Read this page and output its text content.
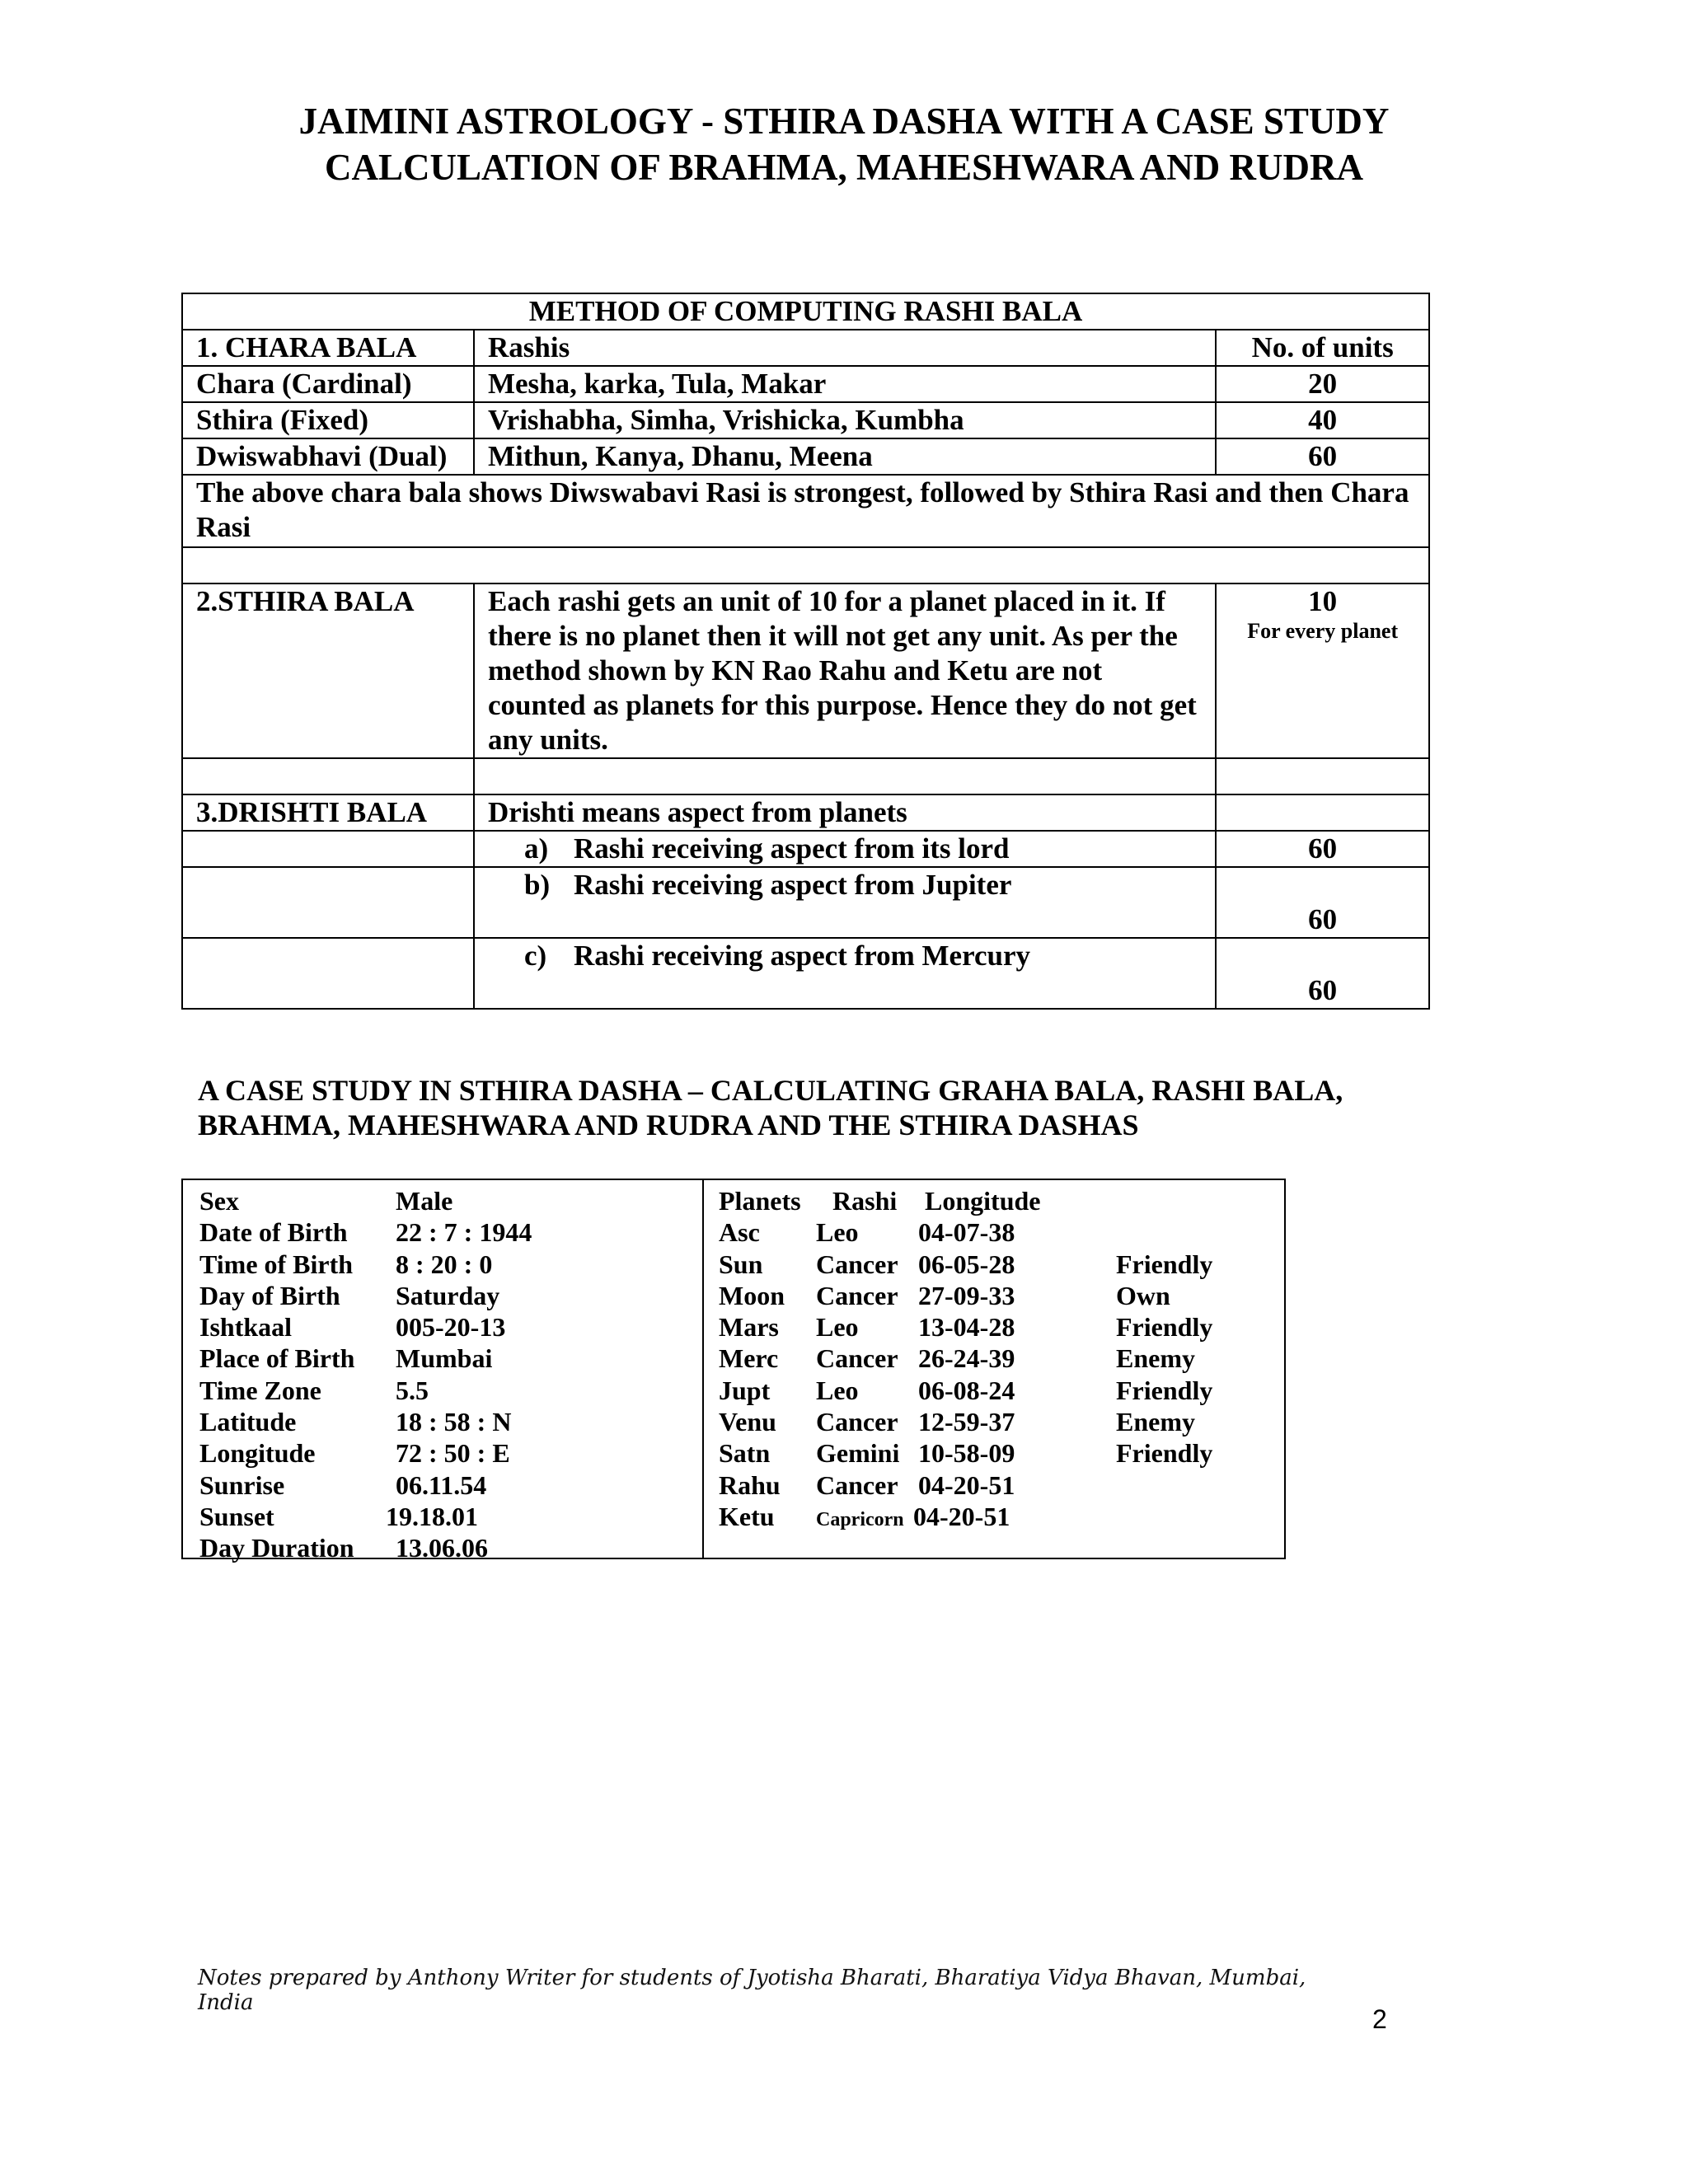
JAIMINI ASTROLOGY - STHIRA DASHA WITH A CASE STUDY
CALCULATION OF BRAHMA, MAHESHWARA AND RUDRA
METHOD OF COMPUTING RASHI BALA		
1. CHARA BALA	Rashis	No. of units
Chara (Cardinal)	Mesha, karka, Tula, Makar	20
Sthira (Fixed)	Vrishabha, Simha, Vrishicka, Kumbha	40
Dwiswabhavi (Dual)	Mithun, Kanya, Dhanu, Meena	60
The above chara bala shows Diwswabavi Rasi is strongest, followed by Sthira Rasi and then Chara Rasi		

2.STHIRA BALA	Each rashi gets an unit of 10 for a planet placed in it. If there is no planet then it will not get any unit. As per the method shown by KN Rao Rahu and Ketu are not counted as planets for this purpose. Hence they do not get any units.	10
For every planet

3.DRISHTI BALA	Drishti means aspect from planets	
	a) Rashi receiving aspect from its lord	60
	b) Rashi receiving aspect from Jupiter	60
	c) Rashi receiving aspect from Mercury	60
A CASE STUDY IN STHIRA DASHA – CALCULATING GRAHA BALA, RASHI BALA, BRAHMA, MAHESHWARA AND RUDRA AND THE STHIRA DASHAS
Sex	Male
Date of Birth 22 : 7 : 1944
Time of Birth 8 : 20 : 0
Day of Birth Saturday
Ishtkaal	005-20-13
Place of Birth Mumbai
Time Zone	5.5
Latitude	18 : 58 : N
Longitude	72 : 50 : E
Sunrise	06.11.54
Sunset	19.18.01
Day Duration 13.06.06
Planets Rashi Longitude
Asc Leo 04-07-38
Sun Cancer 06-05-28	Friendly
Moon Cancer 27-09-33	Own
Mars Leo 13-04-28	Friendly
Merc Cancer 26-24-39	Enemy
Jupt Leo 06-08-24	Friendly
Venu Cancer 12-59-37	Enemy
Satn Gemini 10-58-09	Friendly
Rahu Cancer 04-20-51
Ketu Capricorn 04-20-51
Notes prepared by Anthony Writer for students of Jyotisha Bharati, Bharatiya Vidya Bhavan, Mumbai, India
2
